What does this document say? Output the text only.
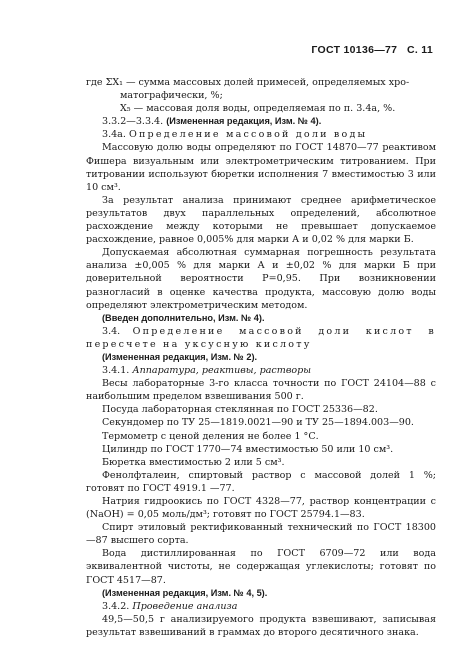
ГОСТ 10136—77 С. 11

где ΣX₁ — сумма массовых долей примесей, определяемых хро-

матографически, %;

X₅ — массовая доля воды, определяемая по п. 3.4а, %.

3.3.2—3.3.4. (Измененная редакция, Изм. № 4).

3.4а. Определение массовой доли воды

Массовую долю воды определяют по ГОСТ 14870—77 реактивом Фишера визуальным или электрометрическим титрованием. При титровании используют бюретки исполнения 7 вместимостью 3 или 10 см³.

За результат анализа принимают среднее арифметическое результатов двух параллельных определений, абсолютное расхождение между которыми не превышает допускаемое расхождение, равное 0,005% для марки А и 0,02 % для марки Б.

Допускаемая абсолютная суммарная погрешность результата анализа ±0,005 % для марки А и ±0,02 % для марки Б при доверительной вероятности P=0,95. При возникновении разногласий в оценке качества продукта, массовую долю воды определяют электрометрическим методом.

(Введен дополнительно, Изм. № 4).

3.4. Определение массовой доли кислот в пересчете на уксусную кислоту

(Измененная редакция, Изм. № 2).

3.4.1. Аппаратура, реактивы, растворы

Весы лабораторные 3-го класса точности по ГОСТ 24104—88 с наибольшим пределом взвешивания 500 г.

Посуда лабораторная стеклянная по ГОСТ 25336—82.

Секундомер по ТУ 25—1819.0021—90 и ТУ 25—1894.003—90.

Термометр с ценой деления не более 1 °С.

Цилиндр по ГОСТ 1770—74 вместимостью 50 или 10 см³.

Бюретка вместимостью 2 или 5 см³.

Фенолфталеин, спиртовый раствор с массовой долей 1 %; готовят по ГОСТ 4919.1 —77.

Натрия гидроокись по ГОСТ 4328—77, раствор концентрации c (NaOH) = 0,05 моль/дм³; готовят по ГОСТ 25794.1—83.

Спирт этиловый ректификованный технический по ГОСТ 18300—87 высшего сорта.

Вода дистиллированная по ГОСТ 6709—72 или вода эквивалентной чистоты, не содержащая углекислоты; готовят по ГОСТ 4517—87.

(Измененная редакция, Изм. № 4, 5).

3.4.2. Проведение анализа

49,5—50,5 г анализируемого продукта взвешивают, записывая результат взвешиваний в граммах до второго десятичного знака.
